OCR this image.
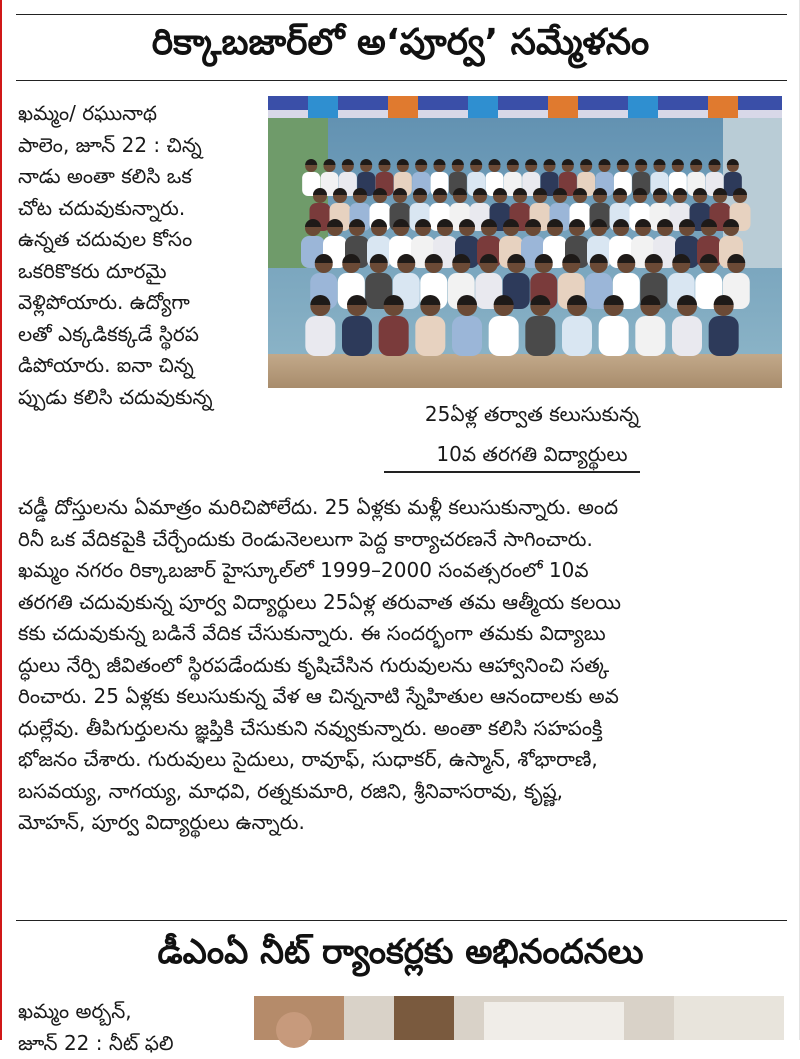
రిక్కాబజార్‌లో అ‘పూర్వ’ సమ్మేళనం
ఖమ్మం/ రఘునాథ
పాలెం, జూన్ 22 : చిన్న
నాడు అంతా కలిసి ఒక
చోట చదువుకున్నారు.
ఉన్నత చదువుల కోసం
ఒకరికొకరు దూరమై
వెళ్లిపోయారు. ఉద్యోగా
లతో ఎక్కడికక్కడే స్థిరప
డిపోయారు. ఐనా చిన్న
ప్పుడు కలిసి చదువుకున్న
25ఏళ్ల తర్వాత కలుసుకున్న
10వ తరగతి విద్యార్థులు
చడ్డీ దోస్తులను ఏమాత్రం మరిచిపోలేదు. 25 ఏళ్లకు మళ్లీ కలుసుకున్నారు. అంద
రినీ ఒక వేదికపైకి చేర్చేందుకు రెండునెలలుగా పెద్ద కార్యాచరణనే సాగించారు.
ఖమ్మం నగరం రిక్కాబజార్ హైస్కూల్‌లో 1999–2000 సంవత్సరంలో 10వ
తరగతి చదువుకున్న పూర్వ విద్యార్థులు 25ఏళ్ల తరువాత తమ ఆత్మీయ కలయి
కకు చదువుకున్న బడినే వేదిక చేసుకున్నారు. ఈ సందర్భంగా తమకు విద్యాబు
ద్ధులు నేర్పి జీవితంలో స్థిరపడేందుకు కృషిచేసిన గురువులను ఆహ్వానించి సత్క
రించారు. 25 ఏళ్లకు కలుసుకున్న వేళ ఆ చిన్ననాటి స్నేహితుల ఆనందాలకు అవ
ధుల్లేవు. తీపిగుర్తులను జ్ఞప్తికి చేసుకుని నవ్వుకున్నారు. అంతా కలిసి సహపంక్తి
భోజనం చేశారు. గురువులు సైదులు, రావూఫ్, సుధాకర్, ఉస్మాన్, శోభారాణి,
బసవయ్య, నాగయ్య, మాధవి, రత్నకుమారి, రజిని, శ్రీనివాసరావు, కృష్ణ,
మోహన్, పూర్వ విద్యార్థులు ఉన్నారు.
డీఎంఏ నీట్ ర్యాంకర్లకు అభినందనలు
ఖమ్మం అర్బన్,
జూన్ 22 : నీట్ ఫలి
